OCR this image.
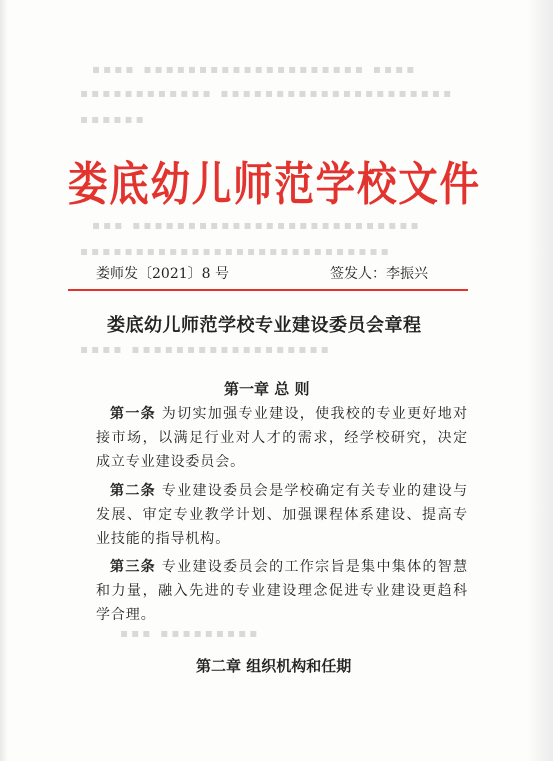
▪▪▪▪ ▪▪▪▪▪▪▪▪▪▪▪▪▪▪▪▪▪▪▪▪ ▪▪▪▪
▪▪▪▪▪▪▪▪▪▪▪▪ ▪▪▪▪▪▪▪▪▪▪▪▪▪▪▪▪▪▪▪▪▪
▪▪▪▪▪▪
▪▪▪ ▪▪▪▪▪▪▪▪▪▪▪▪▪▪▪▪▪▪▪▪▪▪▪▪▪▪
▪▪▪▪▪▪▪▪▪▪▪▪▪▪▪▪▪▪▪▪▪▪▪▪▪▪▪▪
▪▪▪▪ ▪▪▪▪▪▪▪▪▪▪▪▪▪▪▪▪▪▪
▪▪▪ ▪▪▪▪▪▪▪▪▪
娄底幼儿师范学校文件
娄师发〔2021〕8 号	签发人：李振兴
娄底幼儿师范学校专业建设委员会章程
第一章 总 则

第一条 为切实加强专业建设，使我校的专业更好地对接市场，以满足行业对人才的需求，经学校研究，决定成立专业建设委员会。

第二条 专业建设委员会是学校确定有关专业的建设与发展、审定专业教学计划、加强课程体系建设、提高专业技能的指导机构。

第三条 专业建设委员会的工作宗旨是集中集体的智慧和力量，融入先进的专业建设理念促进专业建设更趋科学合理。

第二章 组织机构和任期
